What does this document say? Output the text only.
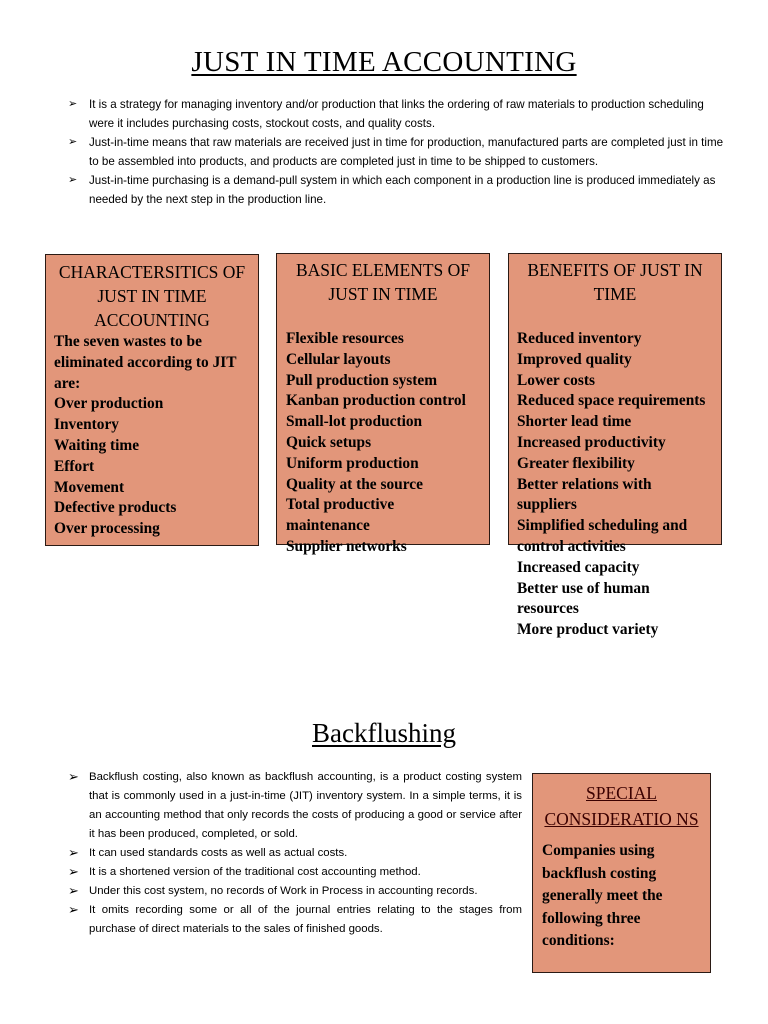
JUST IN TIME ACCOUNTING
➢ It is a strategy for managing inventory and/or production that links the ordering of raw materials to production scheduling were it includes purchasing costs, stockout costs, and quality costs.
➢ Just-in-time means that raw materials are received just in time for production, manufactured parts are completed just in time to be assembled into products, and products are completed just in time to be shipped to customers.
➢ Just-in-time purchasing is a demand-pull system in which each component in a production line is produced immediately as needed by the next step in the production line.
CHARACTERSITICS OF JUST IN TIME ACCOUNTING
The seven wastes to be eliminated according to JIT are:
Over production
Inventory
Waiting time
Effort
Movement
Defective products
Over processing
BASIC ELEMENTS OF JUST IN TIME
Flexible resources
Cellular layouts
Pull production system
Kanban production control
Small-lot production
Quick setups
Uniform production
Quality at the source
Total productive maintenance
Supplier networks
BENEFITS OF JUST IN TIME
Reduced inventory
Improved quality
Lower costs
Reduced space requirements
Shorter lead time
Increased productivity
Greater flexibility
Better relations with suppliers
Simplified scheduling and control activities
Increased capacity
Better use of human resources
More product variety
Backflushing
➢ Backflush costing, also known as backflush accounting, is a product costing system that is commonly used in a just-in-time (JIT) inventory system. In a simple terms, it is an accounting method that only records the costs of producing a good or service after it has been produced, completed, or sold.
➢ It can used standards costs as well as actual costs.
➢ It is a shortened version of the traditional cost accounting method.
➢ Under this cost system, no records of Work in Process in accounting records.
➢ It omits recording some or all of the journal entries relating to the stages from purchase of direct materials to the sales of finished goods.
SPECIAL CONSIDERATIO NS
Companies using backflush costing generally meet the following three conditions:
